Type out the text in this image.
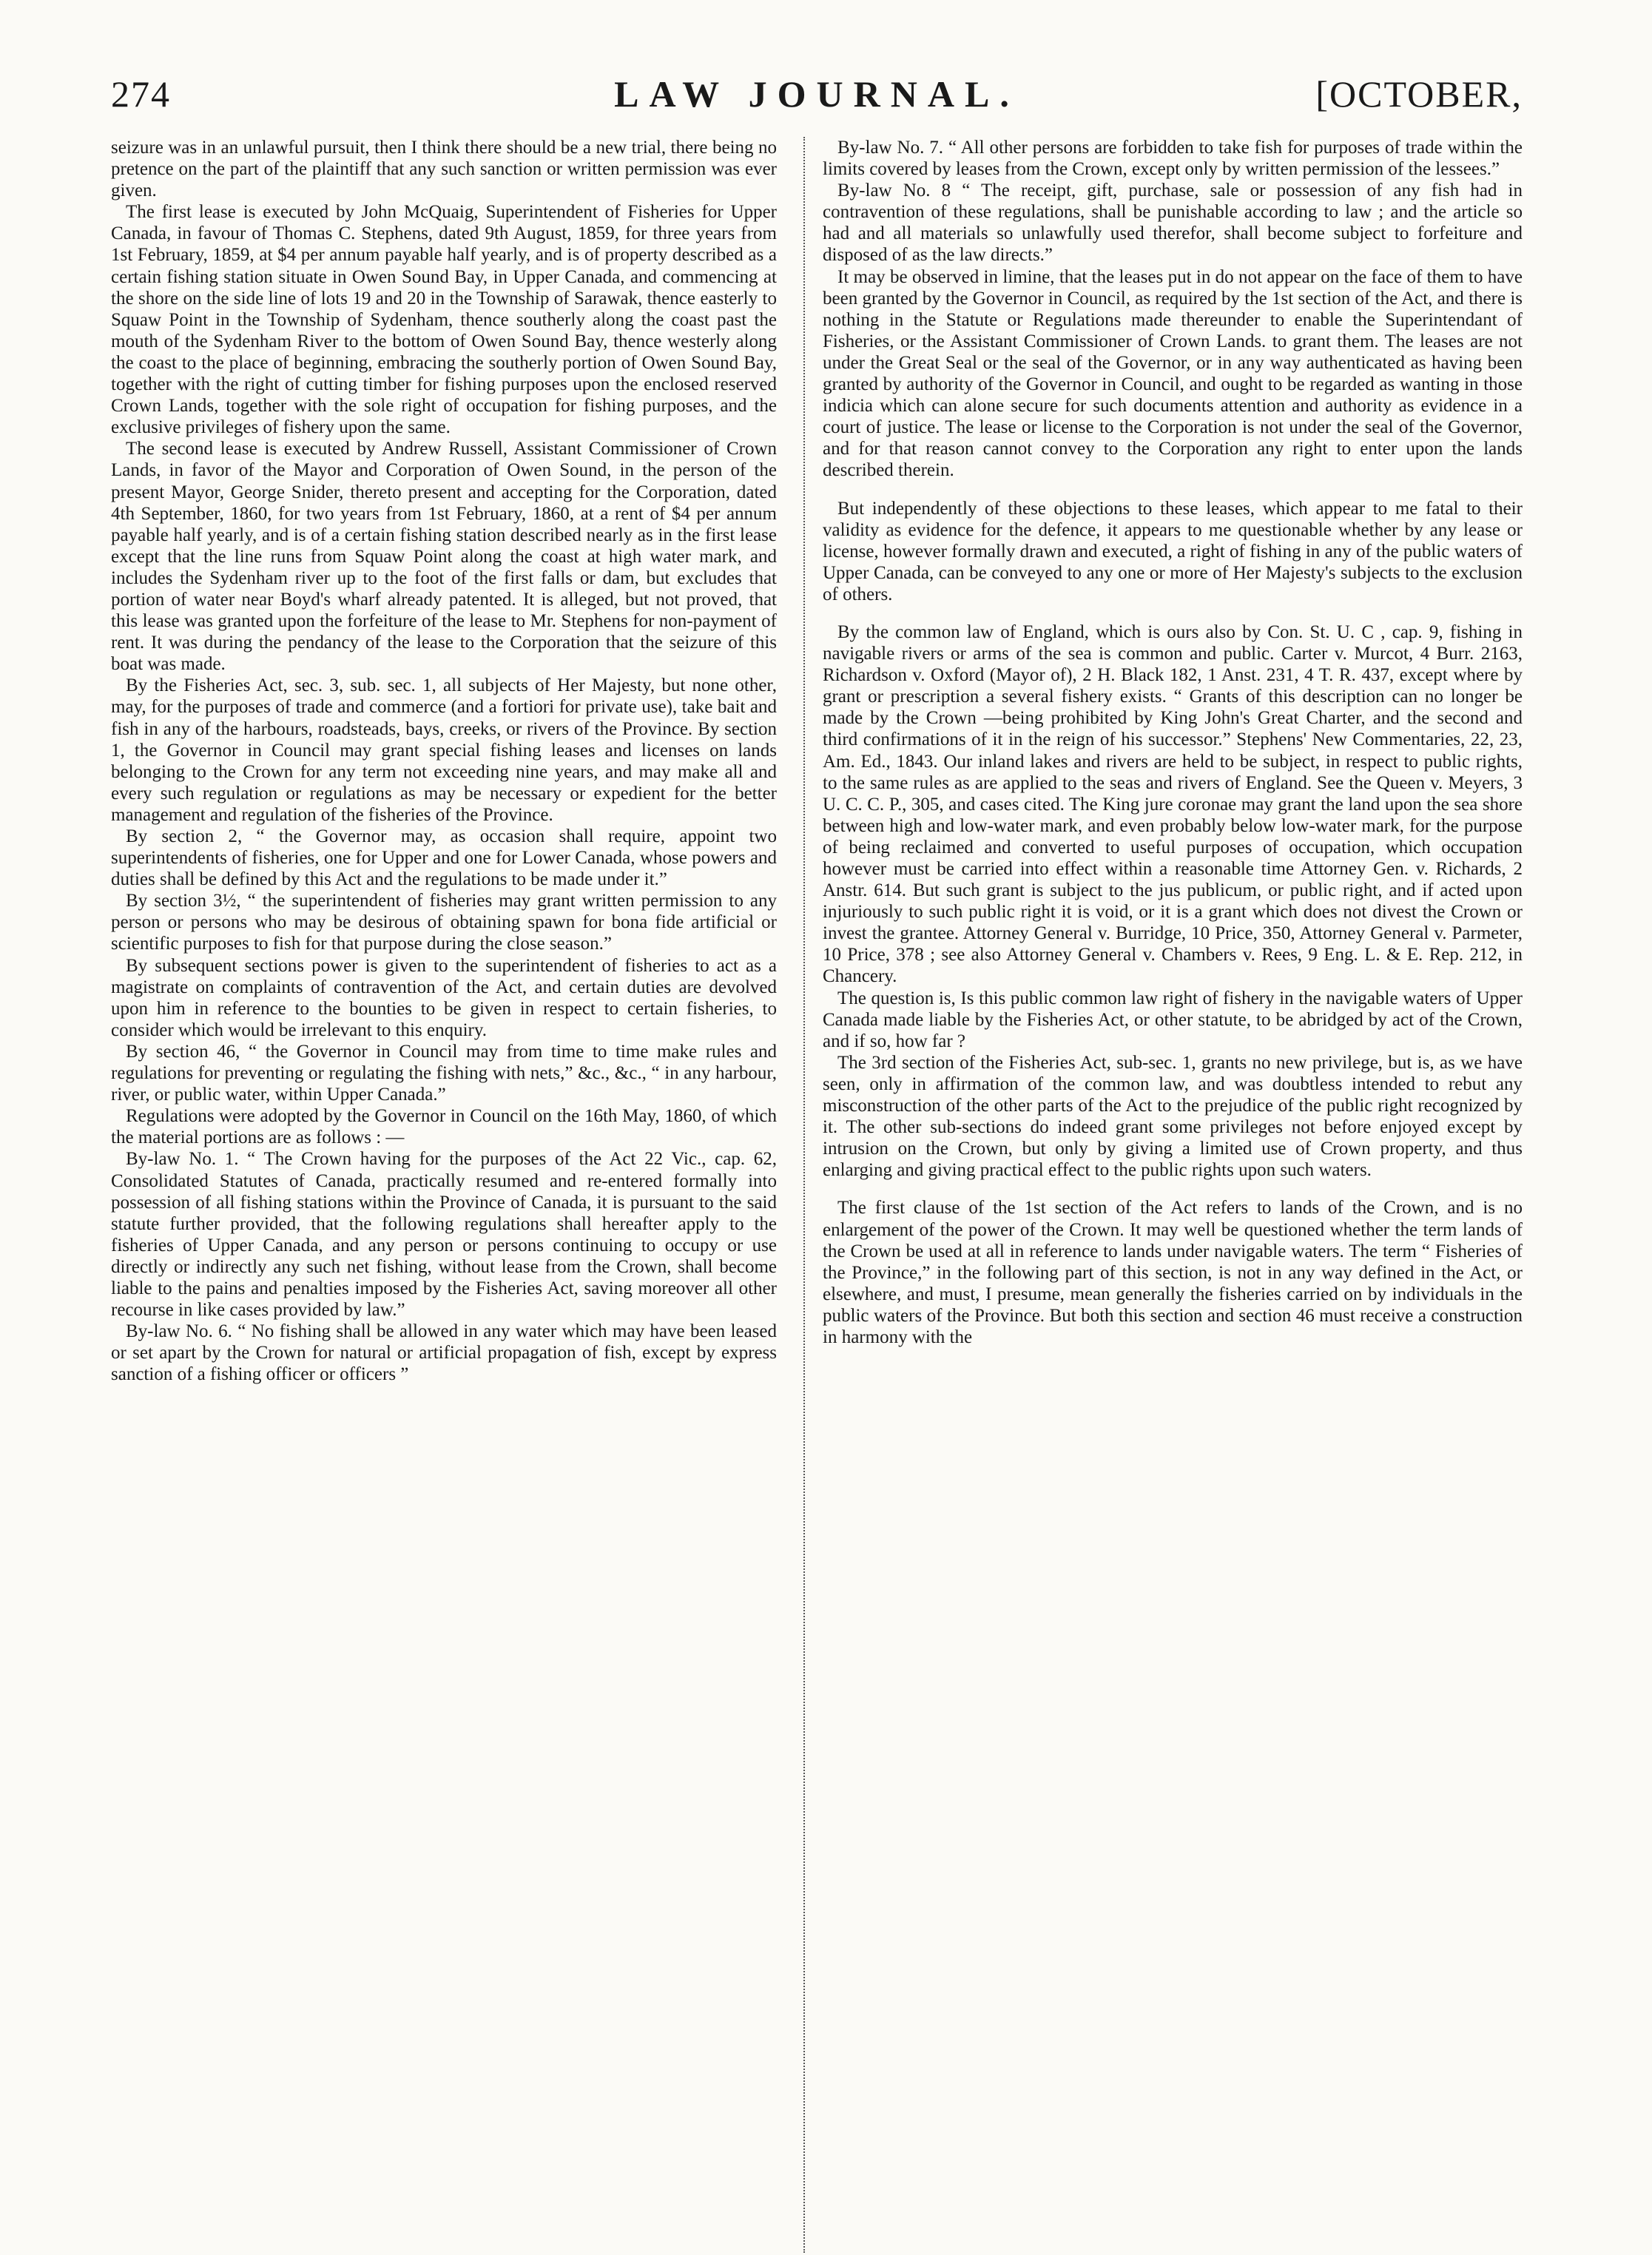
274	LAW JOURNAL.	[OCTOBER,

seizure was in an unlawful pursuit, then I think there should be a new trial, there being no pretence on the part of the plaintiff that any such sanction or written permission was ever given.

The first lease is executed by John McQuaig, Superintendent of Fisheries for Upper Canada, in favour of Thomas C. Stephens, dated 9th August, 1859, for three years from 1st February, 1859, at $4 per annum payable half yearly, and is of property described as a certain fishing station situate in Owen Sound Bay, in Upper Canada, and commencing at the shore on the side line of lots 19 and 20 in the Township of Sarawak, thence easterly to Squaw Point in the Township of Sydenham, thence southerly along the coast past the mouth of the Sydenham River to the bottom of Owen Sound Bay, thence westerly along the coast to the place of beginning, embracing the southerly portion of Owen Sound Bay, together with the right of cutting timber for fishing purposes upon the enclosed reserved Crown Lands, together with the sole right of occupation for fishing purposes, and the exclusive privileges of fishery upon the same.

The second lease is executed by Andrew Russell, Assistant Commissioner of Crown Lands, in favor of the Mayor and Corporation of Owen Sound, in the person of the present Mayor, George Snider, thereto present and accepting for the Corporation, dated 4th September, 1860, for two years from 1st February, 1860, at a rent of $4 per annum payable half yearly, and is of a certain fishing station described nearly as in the first lease except that the line runs from Squaw Point along the coast at high water mark, and includes the Sydenham river up to the foot of the first falls or dam, but excludes that portion of water near Boyd's wharf already patented. It is alleged, but not proved, that this lease was granted upon the forfeiture of the lease to Mr. Stephens for non-payment of rent. It was during the pendancy of the lease to the Corporation that the seizure of this boat was made.

By the Fisheries Act, sec. 3, sub. sec. 1, all subjects of Her Majesty, but none other, may, for the purposes of trade and commerce (and a fortiori for private use), take bait and fish in any of the harbours, roadsteads, bays, creeks, or rivers of the Province. By section 1, the Governor in Council may grant special fishing leases and licenses on lands belonging to the Crown for any term not exceeding nine years, and may make all and every such regulation or regulations as may be necessary or expedient for the better management and regulation of the fisheries of the Province.

By section 2, “ the Governor may, as occasion shall require, appoint two superintendents of fisheries, one for Upper and one for Lower Canada, whose powers and duties shall be defined by this Act and the regulations to be made under it.”

By section 3½, “ the superintendent of fisheries may grant written permission to any person or persons who may be desirous of obtaining spawn for bona fide artificial or scientific purposes to fish for that purpose during the close season.”

By subsequent sections power is given to the superintendent of fisheries to act as a magistrate on complaints of contravention of the Act, and certain duties are devolved upon him in reference to the bounties to be given in respect to certain fisheries, to consider which would be irrelevant to this enquiry.

By section 46, “ the Governor in Council may from time to time make rules and regulations for preventing or regulating the fishing with nets,” &c., &c., “ in any harbour, river, or public water, within Upper Canada.”

Regulations were adopted by the Governor in Council on the 16th May, 1860, of which the material portions are as follows : —

By-law No. 1. “ The Crown having for the purposes of the Act 22 Vic., cap. 62, Consolidated Statutes of Canada, practically resumed and re-entered formally into possession of all fishing stations within the Province of Canada, it is pursuant to the said statute further provided, that the following regulations shall hereafter apply to the fisheries of Upper Canada, and any person or persons continuing to occupy or use directly or indirectly any such net fishing, without lease from the Crown, shall become liable to the pains and penalties imposed by the Fisheries Act, saving moreover all other recourse in like cases provided by law.”

By-law No. 6. “ No fishing shall be allowed in any water which may have been leased or set apart by the Crown for natural or artificial propagation of fish, except by express sanction of a fishing officer or officers ”

By-law No. 7. “ All other persons are forbidden to take fish for purposes of trade within the limits covered by leases from the Crown, except only by written permission of the lessees.”

By-law No. 8 “ The receipt, gift, purchase, sale or possession of any fish had in contravention of these regulations, shall be punishable according to law ; and the article so had and all materials so unlawfully used therefor, shall become subject to forfeiture and disposed of as the law directs.”

It may be observed in limine, that the leases put in do not appear on the face of them to have been granted by the Governor in Council, as required by the 1st section of the Act, and there is nothing in the Statute or Regulations made thereunder to enable the Superintendant of Fisheries, or the Assistant Commissioner of Crown Lands. to grant them. The leases are not under the Great Seal or the seal of the Governor, or in any way authenticated as having been granted by authority of the Governor in Council, and ought to be regarded as wanting in those indicia which can alone secure for such documents attention and authority as evidence in a court of justice. The lease or license to the Corporation is not under the seal of the Governor, and for that reason cannot convey to the Corporation any right to enter upon the lands described therein.

But independently of these objections to these leases, which appear to me fatal to their validity as evidence for the defence, it appears to me questionable whether by any lease or license, however formally drawn and executed, a right of fishing in any of the public waters of Upper Canada, can be conveyed to any one or more of Her Majesty's subjects to the exclusion of others.

By the common law of England, which is ours also by Con. St. U. C , cap. 9, fishing in navigable rivers or arms of the sea is common and public. Carter v. Murcot, 4 Burr. 2163, Richardson v. Oxford (Mayor of), 2 H. Black 182, 1 Anst. 231, 4 T. R. 437, except where by grant or prescription a several fishery exists. “ Grants of this description can no longer be made by the Crown —being prohibited by King John's Great Charter, and the second and third confirmations of it in the reign of his successor.” Stephens' New Commentaries, 22, 23, Am. Ed., 1843. Our inland lakes and rivers are held to be subject, in respect to public rights, to the same rules as are applied to the seas and rivers of England. See the Queen v. Meyers, 3 U. C. C. P., 305, and cases cited. The King jure coronae may grant the land upon the sea shore between high and low-water mark, and even probably below low-water mark, for the purpose of being reclaimed and converted to useful purposes of occupation, which occupation however must be carried into effect within a reasonable time Attorney Gen. v. Richards, 2 Anstr. 614. But such grant is subject to the jus publicum, or public right, and if acted upon injuriously to such public right it is void, or it is a grant which does not divest the Crown or invest the grantee. Attorney General v. Burridge, 10 Price, 350, Attorney General v. Parmeter, 10 Price, 378 ; see also Attorney General v. Chambers v. Rees, 9 Eng. L. & E. Rep. 212, in Chancery.

The question is, Is this public common law right of fishery in the navigable waters of Upper Canada made liable by the Fisheries Act, or other statute, to be abridged by act of the Crown, and if so, how far ?

The 3rd section of the Fisheries Act, sub-sec. 1, grants no new privilege, but is, as we have seen, only in affirmation of the common law, and was doubtless intended to rebut any misconstruction of the other parts of the Act to the prejudice of the public right recognized by it. The other sub-sections do indeed grant some privileges not before enjoyed except by intrusion on the Crown, but only by giving a limited use of Crown property, and thus enlarging and giving practical effect to the public rights upon such waters.

The first clause of the 1st section of the Act refers to lands of the Crown, and is no enlargement of the power of the Crown. It may well be questioned whether the term lands of the Crown be used at all in reference to lands under navigable waters. The term “ Fisheries of the Province,” in the following part of this section, is not in any way defined in the Act, or elsewhere, and must, I presume, mean generally the fisheries carried on by individuals in the public waters of the Province. But both this section and section 46 must receive a construction in harmony with the
